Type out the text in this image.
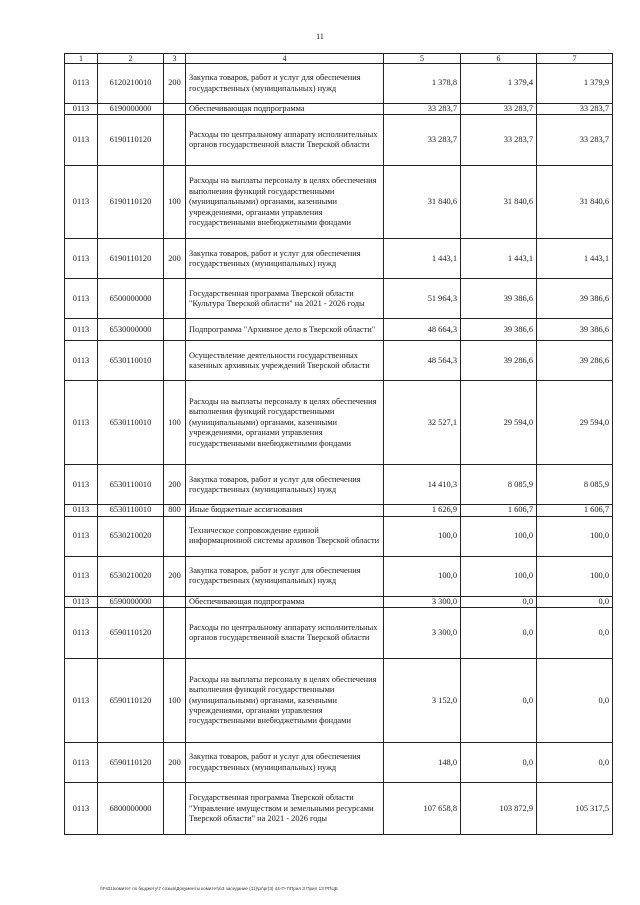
11
1	2	3	4	5	6	7
0113	6120210010	200	Закупка товаров, работ и услуг для обеспечения государственных (муниципальных) нужд	1 378,8	1 379,4	1 379,9
0113	6190000000		Обеспечивающая подпрограмма	33 283,7	33 283,7	33 283,7
0113	6190110120		Расходы по центральному аппарату исполнительных органов государственной власти Тверской области	33 283,7	33 283,7	33 283,7
0113	6190110120	100	Расходы на выплаты персоналу в целях обеспечения выполнения функций государственными (муниципальными) органами, казенными учреждениями, органами управления государственными внебюджетными фондами	31 840,6	31 840,6	31 840,6
0113	6190110120	200	Закупка товаров, работ и услуг для обеспечения государственных (муниципальных) нужд	1 443,1	1 443,1	1 443,1
0113	6500000000		Государственная программа Тверской области "Культура Тверской области" на 2021 - 2026 годы	51 964,3	39 386,6	39 386,6
0113	6530000000		Подпрограмма "Архивное дело в Тверской области"	48 664,3	39 386,6	39 386,6
0113	6530110010		Осуществление деятельности государственных казенных архивных учреждений Тверской области	48 564,3	39 286,6	39 286,6
0113	6530110010	100	Расходы на выплаты персоналу в целях обеспечения выполнения функций государственными (муниципальными) органами, казенными учреждениями, органами управления государственными внебюджетными фондами	32 527,1	29 594,0	29 594,0
0113	6530110010	200	Закупка товаров, работ и услуг для обеспечения государственных (муниципальных) нужд	14 410,3	8 085,9	8 085,9
0113	6530110010	800	Иные бюджетные ассигнования	1 626,9	1 606,7	1 606,7
0113	6530210020		Техническое сопровождение единой информационной системы архивов Тверской области	100,0	100,0	100,0
0113	6530210020	200	Закупка товаров, работ и услуг для обеспечения государственных (муниципальных) нужд	100,0	100,0	100,0
0113	6590000000		Обеспечивающая подпрограмма	3 300,0	0,0	0,0
0113	6590110120		Расходы по центральному аппарату исполнительных органов государственной власти Тверской области	3 300,0	0,0	0,0
0113	6590110120	100	Расходы на выплаты персоналу в целях обеспечения выполнения функций государственными (муниципальными) органами, казенными учреждениями, органами управления государственными внебюджетными фондами	3 152,0	0,0	0,0
0113	6590110120	200	Закупка товаров, работ и услуг для обеспечения государственных (муниципальных) нужд	148,0	0,0	0,0
0113	6800000000		Государственная программа Тверской области "Управление имуществом и земельными ресурсами Тверской области" на 2021 - 2026 годы	107 658,8	103 872,9	105 317,5
\\Fs01\комитет по бюджету\7 созыв\Документы комитета\3 заседание (11)\pr\pr(3) 44-П-7\Прил 3 Прил 13 РПЦБ
